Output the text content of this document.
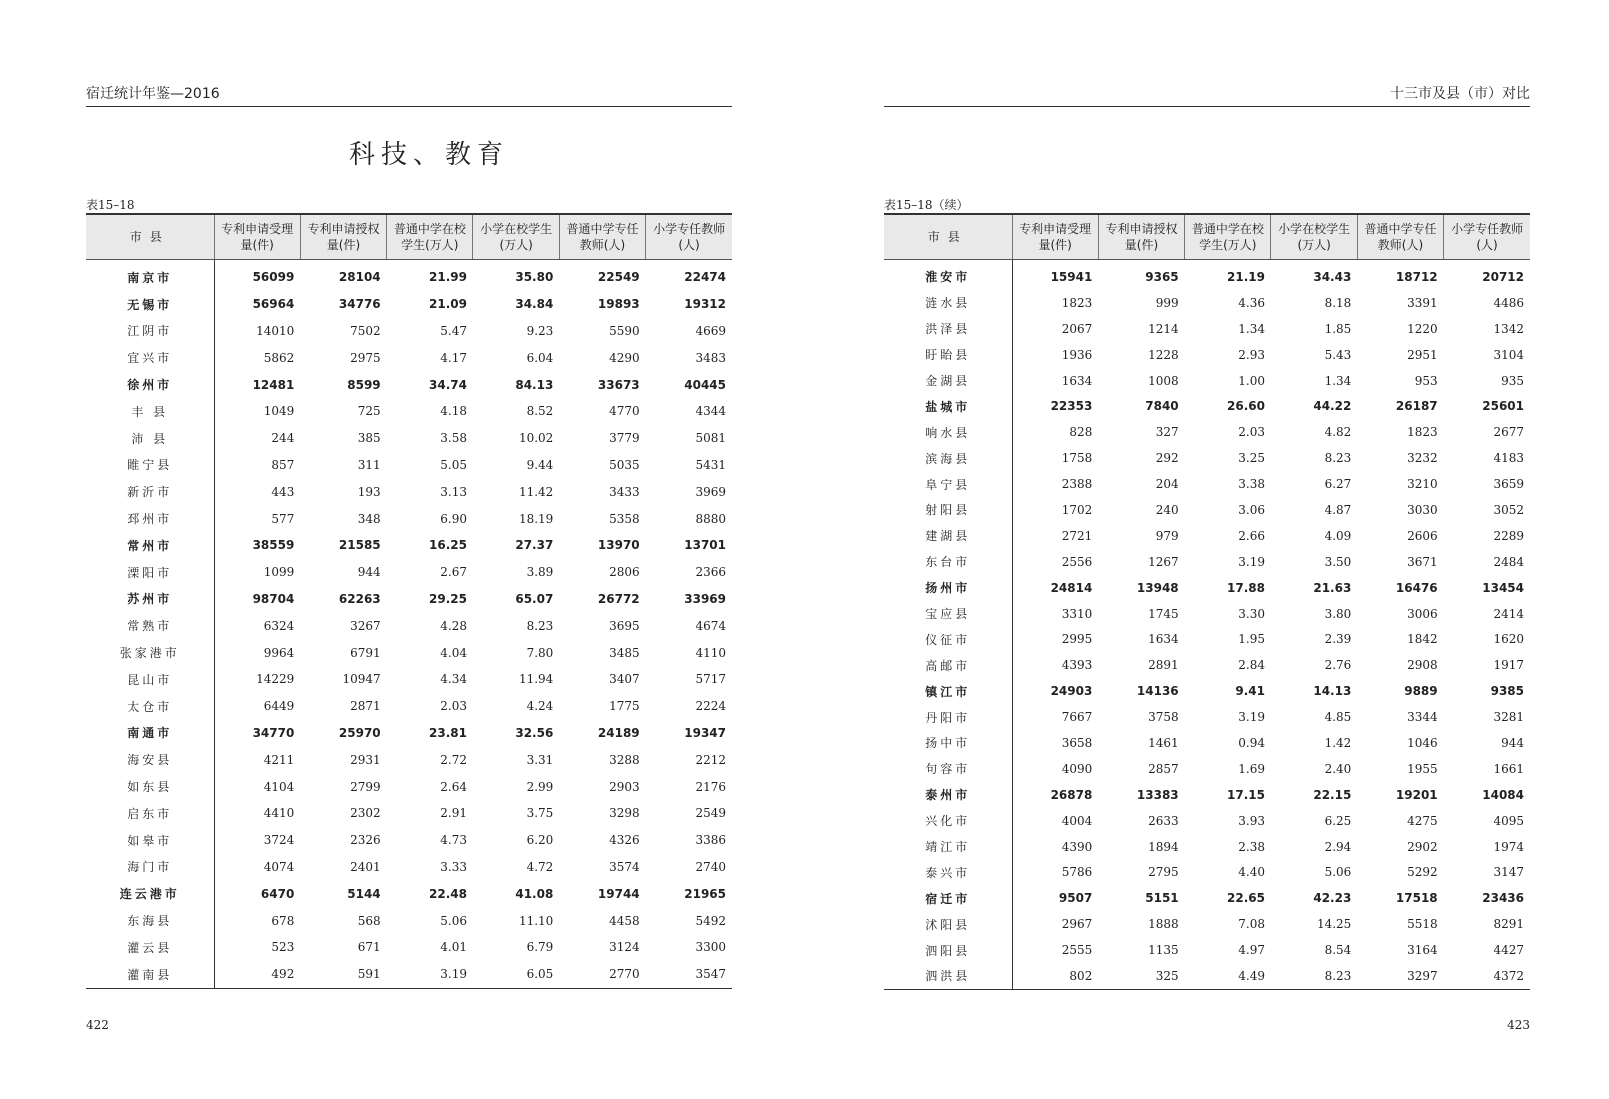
宿迁统计年鉴—2016
科技、教育
表15–18
市县	专利申请受理量(件)	专利申请授权量(件)	普通中学在校学生(万人)	小学在校学生(万人)	普通中学专任教师(人)	小学专任教师(人)
南京市	56099	28104	21.99	35.80	22549	22474
无锡市	56964	34776	21.09	34.84	19893	19312
江阴市	14010	7502	5.47	9.23	5590	4669
宜兴市	5862	2975	4.17	6.04	4290	3483
徐州市	12481	8599	34.74	84.13	33673	40445
丰 县	1049	725	4.18	8.52	4770	4344
沛 县	244	385	3.58	10.02	3779	5081
睢宁县	857	311	5.05	9.44	5035	5431
新沂市	443	193	3.13	11.42	3433	3969
邳州市	577	348	6.90	18.19	5358	8880
常州市	38559	21585	16.25	27.37	13970	13701
溧阳市	1099	944	2.67	3.89	2806	2366
苏州市	98704	62263	29.25	65.07	26772	33969
常熟市	6324	3267	4.28	8.23	3695	4674
张家港市	9964	6791	4.04	7.80	3485	4110
昆山市	14229	10947	4.34	11.94	3407	5717
太仓市	6449	2871	2.03	4.24	1775	2224
南通市	34770	25970	23.81	32.56	24189	19347
海安县	4211	2931	2.72	3.31	3288	2212
如东县	4104	2799	2.64	2.99	2903	2176
启东市	4410	2302	2.91	3.75	3298	2549
如皋市	3724	2326	4.73	6.20	4326	3386
海门市	4074	2401	3.33	4.72	3574	2740
连云港市	6470	5144	22.48	41.08	19744	21965
东海县	678	568	5.06	11.10	4458	5492
灌云县	523	671	4.01	6.79	3124	3300
灌南县	492	591	3.19	6.05	2770	3547
422
十三市及县（市）对比
表15–18（续）
市县	专利申请受理量(件)	专利申请授权量(件)	普通中学在校学生(万人)	小学在校学生(万人)	普通中学专任教师(人)	小学专任教师(人)
淮安市	15941	9365	21.19	34.43	18712	20712
涟水县	1823	999	4.36	8.18	3391	4486
洪泽县	2067	1214	1.34	1.85	1220	1342
盱眙县	1936	1228	2.93	5.43	2951	3104
金湖县	1634	1008	1.00	1.34	953	935
盐城市	22353	7840	26.60	44.22	26187	25601
响水县	828	327	2.03	4.82	1823	2677
滨海县	1758	292	3.25	8.23	3232	4183
阜宁县	2388	204	3.38	6.27	3210	3659
射阳县	1702	240	3.06	4.87	3030	3052
建湖县	2721	979	2.66	4.09	2606	2289
东台市	2556	1267	3.19	3.50	3671	2484
扬州市	24814	13948	17.88	21.63	16476	13454
宝应县	3310	1745	3.30	3.80	3006	2414
仪征市	2995	1634	1.95	2.39	1842	1620
高邮市	4393	2891	2.84	2.76	2908	1917
镇江市	24903	14136	9.41	14.13	9889	9385
丹阳市	7667	3758	3.19	4.85	3344	3281
扬中市	3658	1461	0.94	1.42	1046	944
句容市	4090	2857	1.69	2.40	1955	1661
泰州市	26878	13383	17.15	22.15	19201	14084
兴化市	4004	2633	3.93	6.25	4275	4095
靖江市	4390	1894	2.38	2.94	2902	1974
泰兴市	5786	2795	4.40	5.06	5292	3147
宿迁市	9507	5151	22.65	42.23	17518	23436
沭阳县	2967	1888	7.08	14.25	5518	8291
泗阳县	2555	1135	4.97	8.54	3164	4427
泗洪县	802	325	4.49	8.23	3297	4372
423
